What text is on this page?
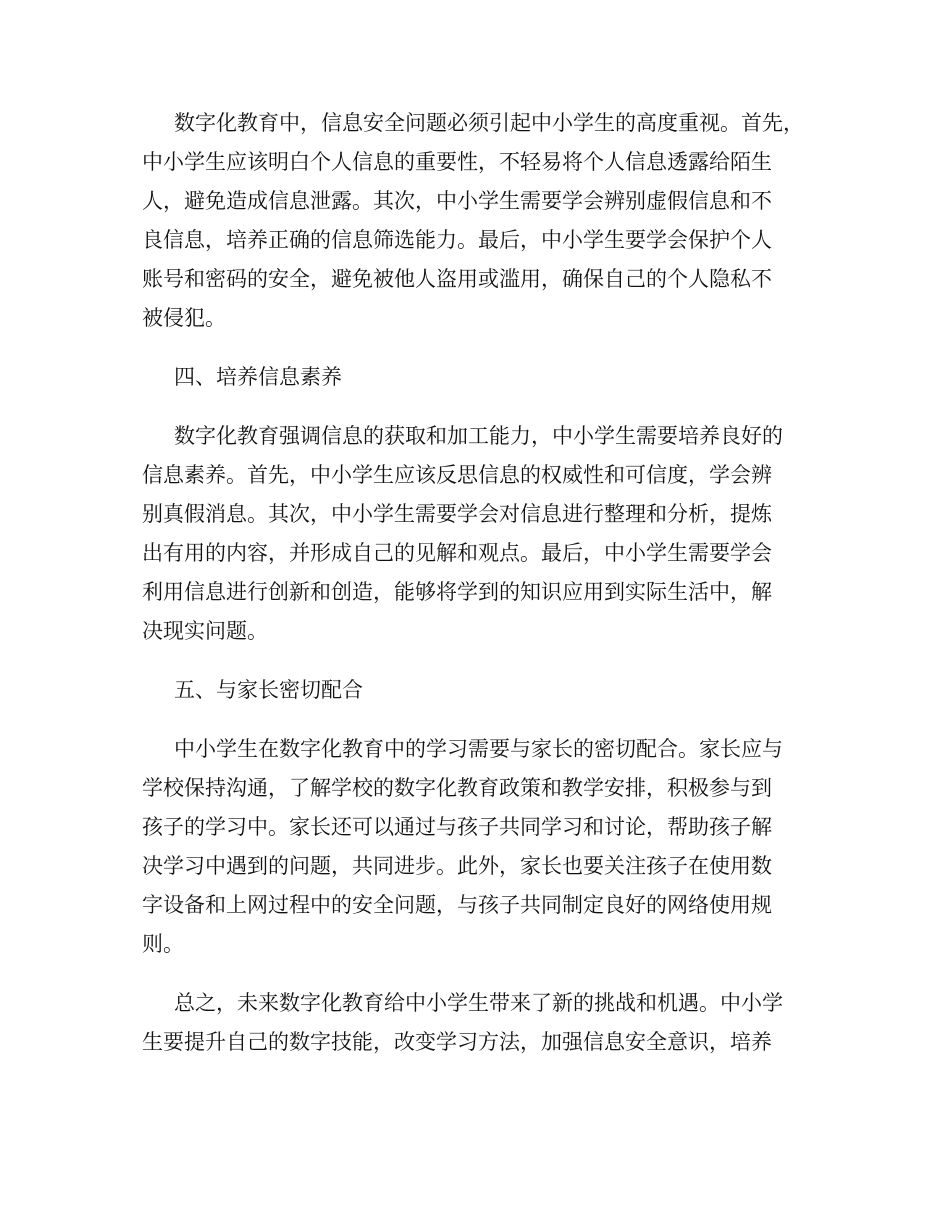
数字化教育中，信息安全问题必须引起中小学生的高度重视。首先，
中小学生应该明白个人信息的重要性，不轻易将个人信息透露给陌生
人，避免造成信息泄露。其次，中小学生需要学会辨别虚假信息和不
良信息，培养正确的信息筛选能力。最后，中小学生要学会保护个人
账号和密码的安全，避免被他人盗用或滥用，确保自己的个人隐私不
被侵犯。
四、培养信息素养
数字化教育强调信息的获取和加工能力，中小学生需要培养良好的
信息素养。首先，中小学生应该反思信息的权威性和可信度，学会辨
别真假消息。其次，中小学生需要学会对信息进行整理和分析，提炼
出有用的内容，并形成自己的见解和观点。最后，中小学生需要学会
利用信息进行创新和创造，能够将学到的知识应用到实际生活中，解
决现实问题。
五、与家长密切配合
中小学生在数字化教育中的学习需要与家长的密切配合。家长应与
学校保持沟通，了解学校的数字化教育政策和教学安排，积极参与到
孩子的学习中。家长还可以通过与孩子共同学习和讨论，帮助孩子解
决学习中遇到的问题，共同进步。此外，家长也要关注孩子在使用数
字设备和上网过程中的安全问题，与孩子共同制定良好的网络使用规
则。
总之，未来数字化教育给中小学生带来了新的挑战和机遇。中小学
生要提升自己的数字技能，改变学习方法，加强信息安全意识，培养
